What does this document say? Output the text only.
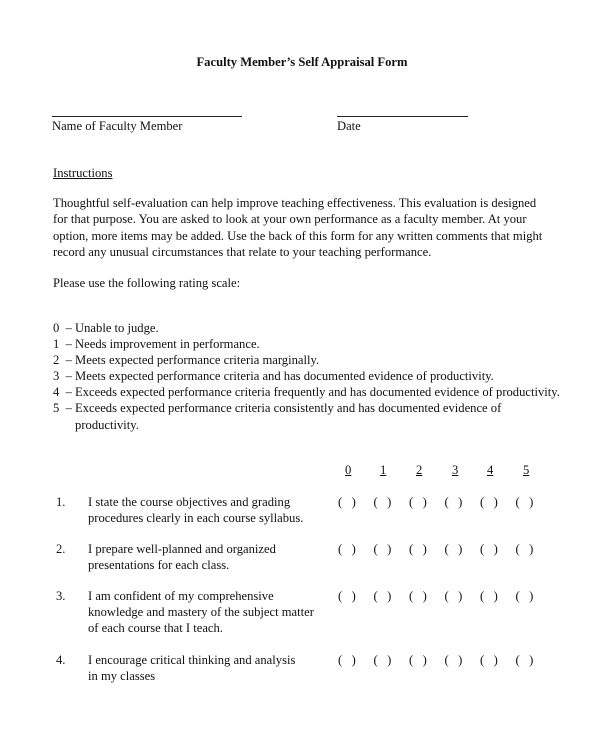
Faculty Member’s Self Appraisal Form
Name of Faculty Member	Date
Instructions
Thoughtful self-evaluation can help improve teaching effectiveness. This evaluation is designed
for that purpose. You are asked to look at your own performance as a faculty member. At your
option, more items may be added. Use the back of this form for any written comments that might
record any unusual circumstances that relate to your teaching performance.
Please use the following rating scale:
0  – Unable to judge.
1  – Needs improvement in performance.
2  – Meets expected performance criteria marginally.
3  – Meets expected performance criteria and has documented evidence of productivity.
4  – Exceeds expected performance criteria frequently and has documented evidence of productivity.
5  – Exceeds expected performance criteria consistently and has documented evidence of
productivity.
0 1 2 3 4 5
1. I state the course objectives and grading
procedures clearly in each course syllabus.
(   ) (   ) (   ) (   ) (   ) (   )
2. I prepare well-planned and organized
presentations for each class.
(   ) (   ) (   ) (   ) (   ) (   )
3. I am confident of my comprehensive
knowledge and mastery of the subject matter
of each course that I teach.
(   ) (   ) (   ) (   ) (   ) (   )
4. I encourage critical thinking and analysis
in my classes
(   ) (   ) (   ) (   ) (   ) (   )
